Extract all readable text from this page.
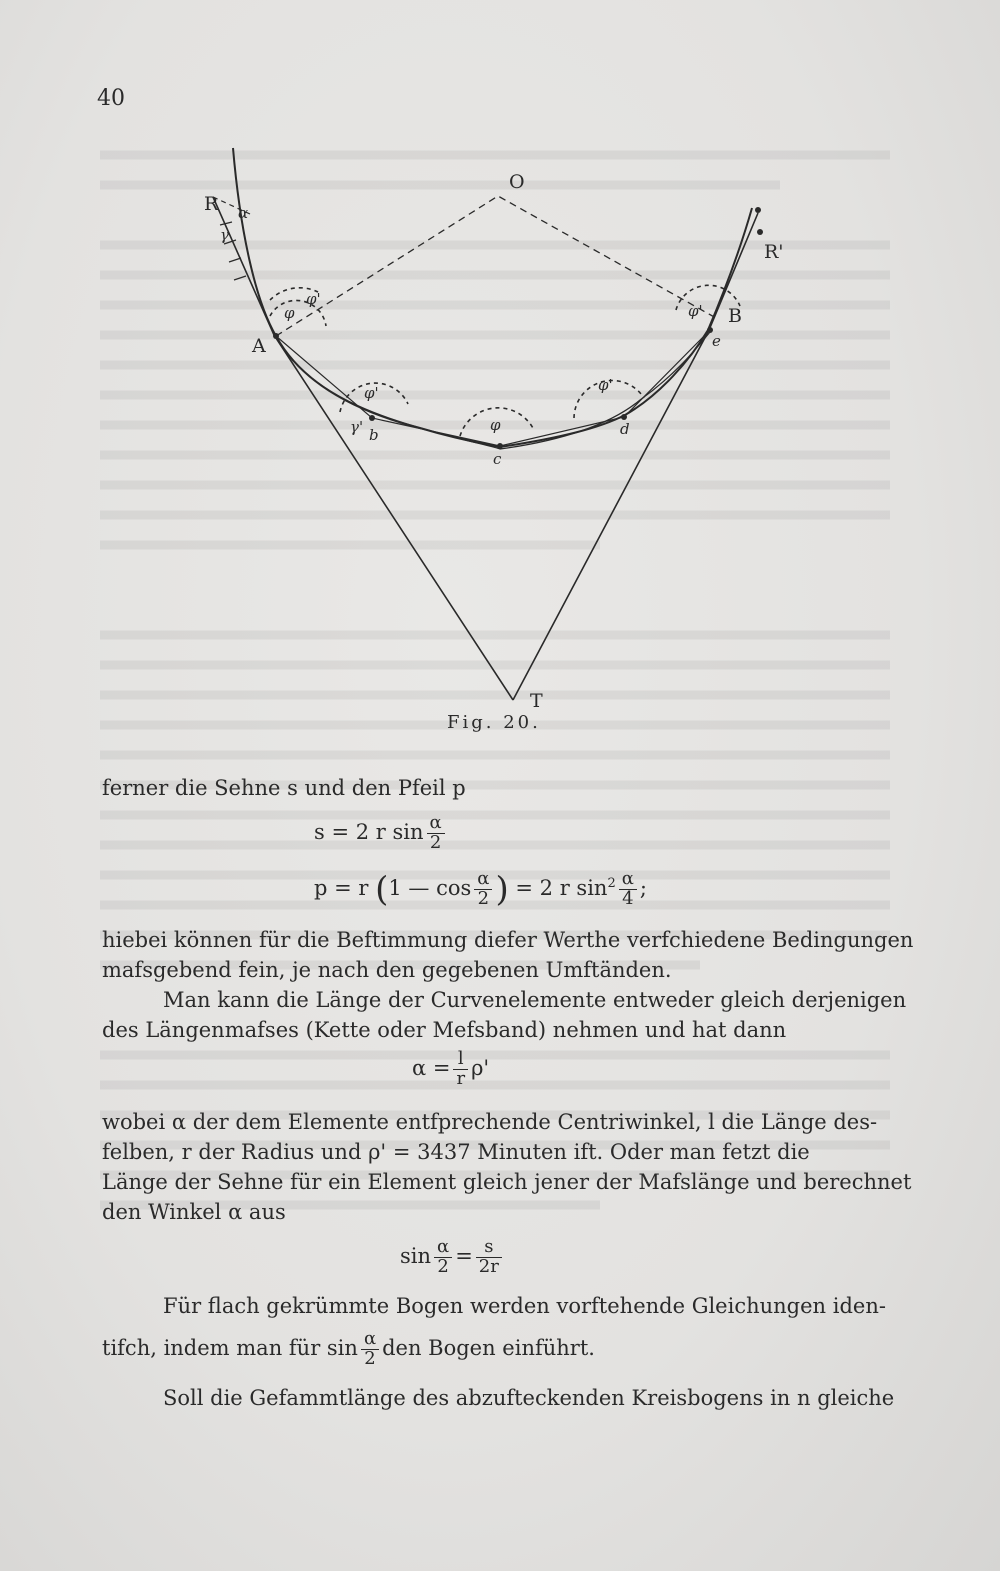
40
R
R'
O
A
B
T
b
c
d
e
α
φ
φ'
φ'
φ
φ'
φ'
γ
γ'
Fig. 20.
ferner die Sehne s und den Pfeil p
s = 2 r $\sin \frac{\alpha}{2}$
p = r (1 — $\cos \frac{\alpha}{2}$ ) = 2 r $\sin^2 \frac{\alpha}{4}$ ;
hiebei können für die Beftimmung diefer Werthe verfchiedene Bedingungen
mafsgebend fein, je nach den gegebenen Umftänden.
Man kann die Länge der Curvenelemente entweder gleich derjenigen
des Längenmafses (Kette oder Mefsband) nehmen und hat dann
$\alpha = \frac{l}{r} \rho'$
wobei α der dem Elemente entfprechende Centriwinkel, l die Länge des-
felben, r der Radius und ρ' = 3437 Minuten ift. Oder man fetzt die
Länge der Sehne für ein Element gleich jener der Mafslänge und berechnet
den Winkel α aus
$\sin \frac{\alpha}{2} = \frac{s}{2r}$
Für flach gekrümmte Bogen werden vorftehende Gleichungen iden-
tifch, indem man für $\sin \frac{\alpha}{2}$ den Bogen einführt.
Soll die Gefammtlänge des abzufteckenden Kreisbogens in n gleiche
